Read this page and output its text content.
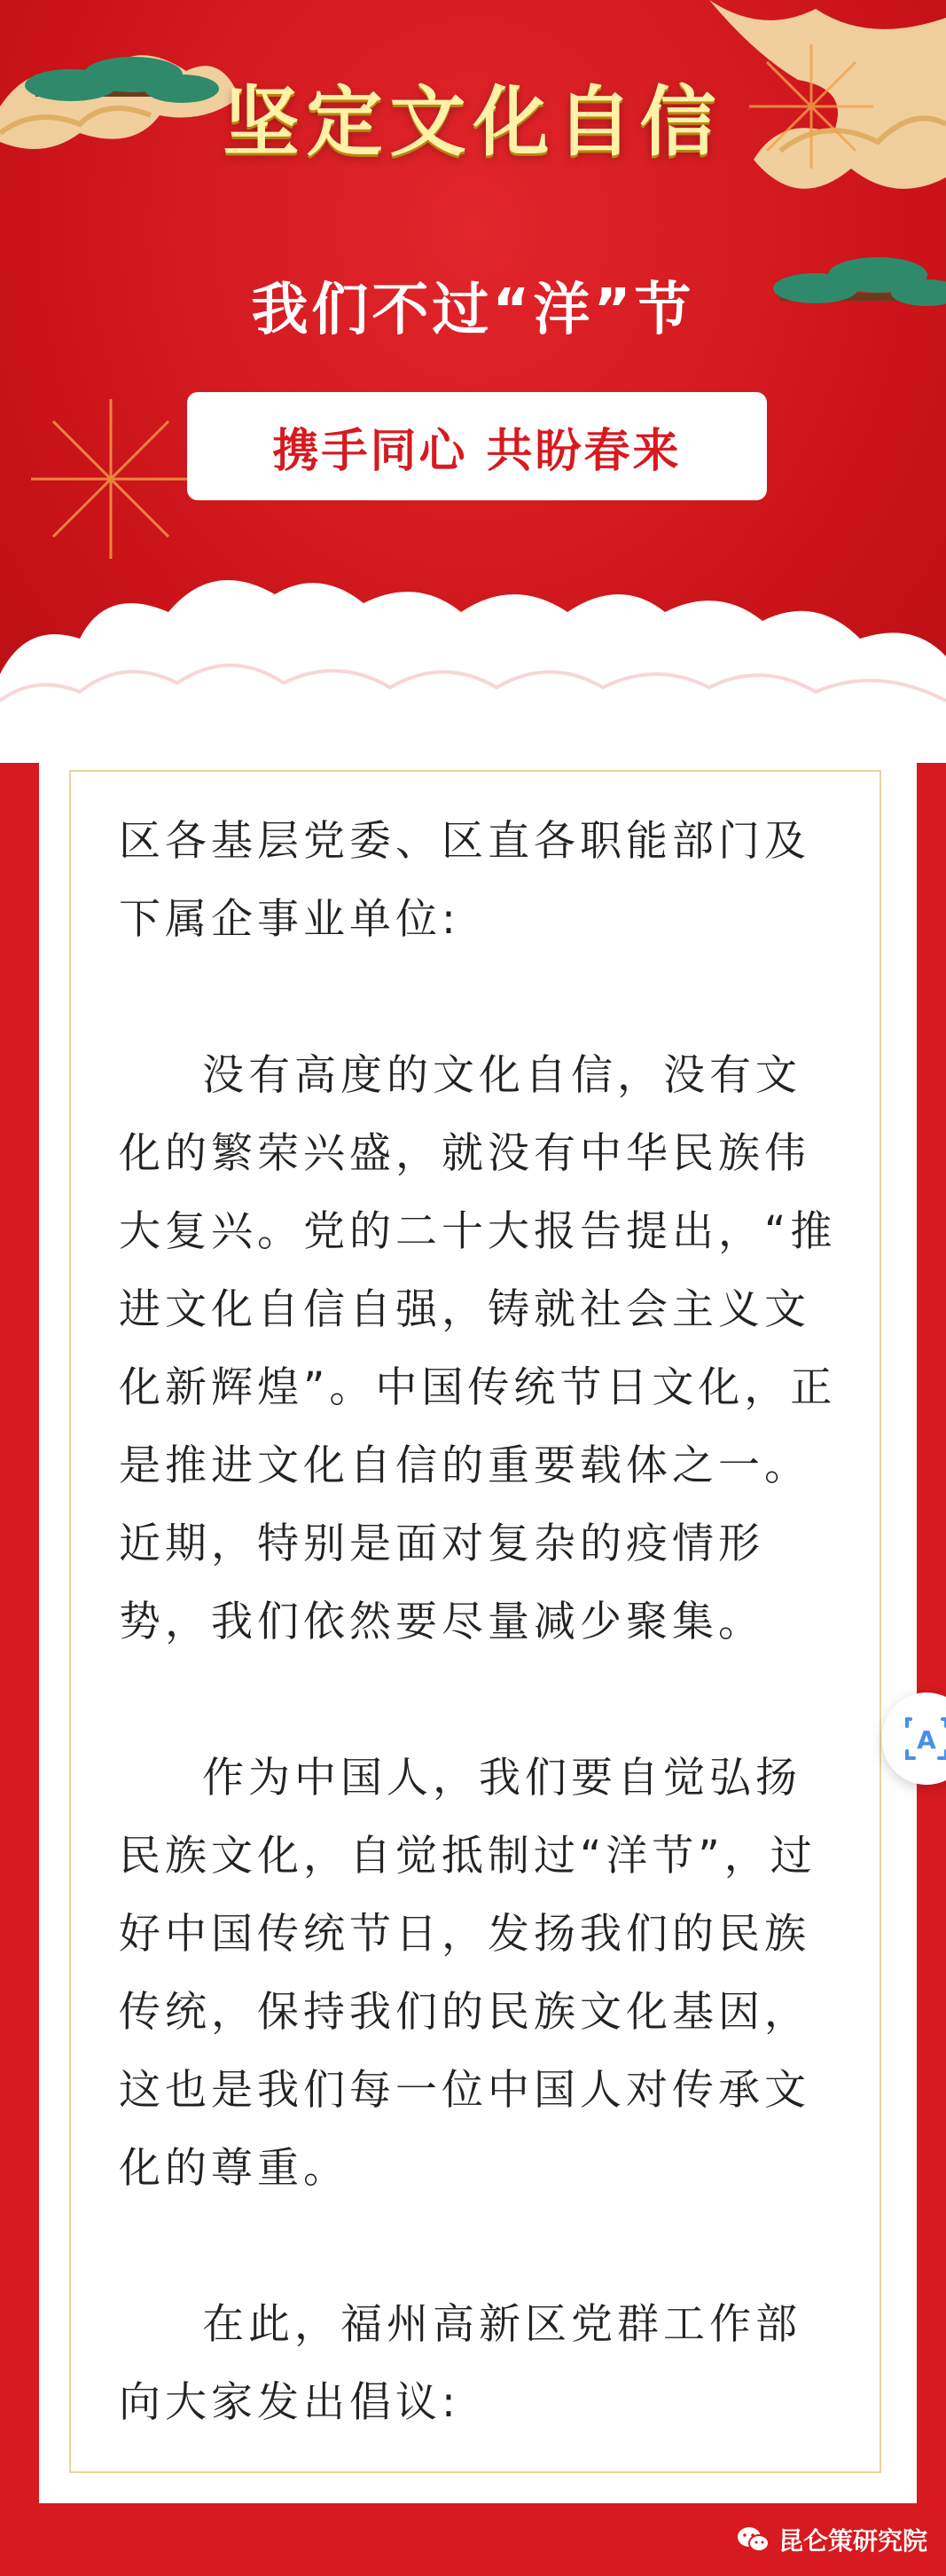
坚定文化自信
我们不过“洋”节
携手同心 共盼春来

区各基层党委、区直各职能部门及下属企事业单位:

没有高度的文化自信，没有文化的繁荣兴盛，就没有中华民族伟大复兴。党的二十大报告提出，“推进文化自信自强，铸就社会主义文化新辉煌”。中国传统节日文化，正是推进文化自信的重要载体之一。近期，特别是面对复杂的疫情形势，我们依然要尽量减少聚集。

作为中国人，我们要自觉弘扬民族文化，自觉抵制过“洋节”，过好中国传统节日，发扬我们的民族传统，保持我们的民族文化基因，这也是我们每一位中国人对传承文化的尊重。

在此，福州高新区党群工作部向大家发出倡议:

A
昆仑策研究院
